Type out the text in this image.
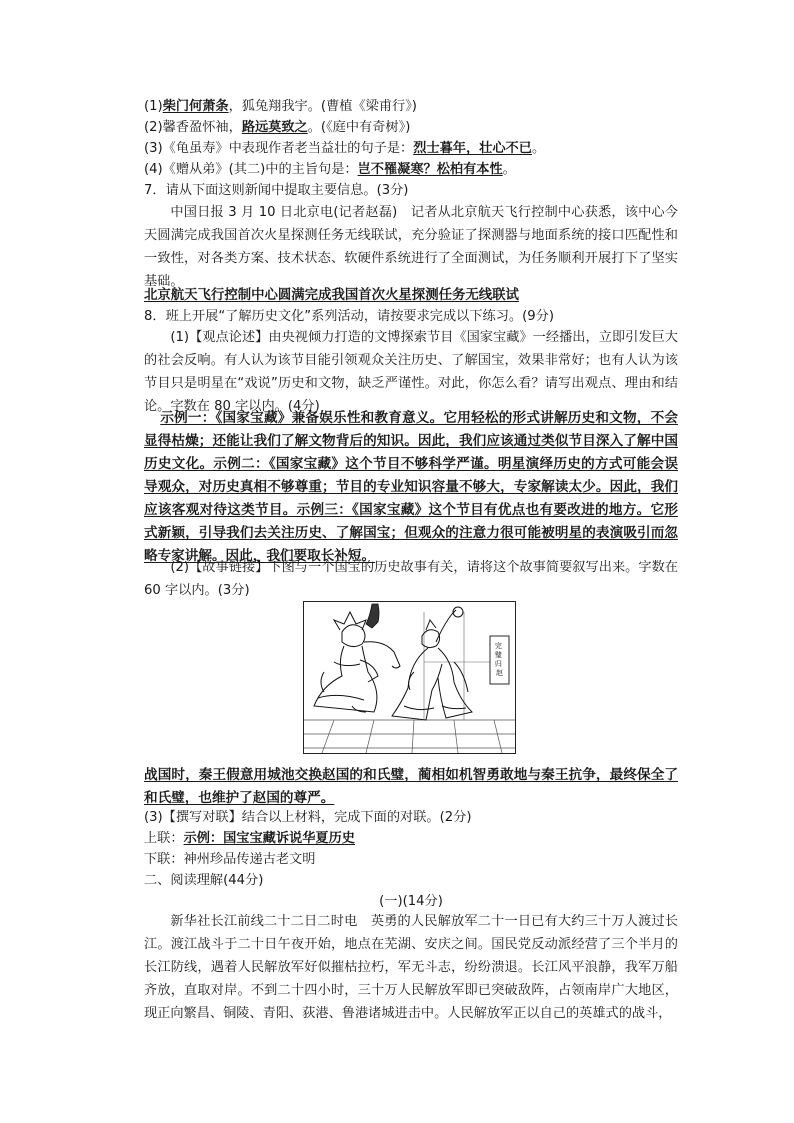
(1)柴门何萧条，狐兔翔我宇。(曹植《梁甫行》)
(2)馨香盈怀袖，路远莫致之。(《庭中有奇树》)
(3)《龟虽寿》中表现作者老当益壮的句子是：烈士暮年，壮心不已。
(4)《赠从弟》(其二)中的主旨句是：岂不罹凝寒？松柏有本性。
7．请从下面这则新闻中提取主要信息。(3分)
中国日报 3 月 10 日北京电(记者赵磊)　记者从北京航天飞行控制中心获悉，该中心今天圆满完成我国首次火星探测任务无线联试，充分验证了探测器与地面系统的接口匹配性和一致性，对各类方案、技术状态、软硬件系统进行了全面测试，为任务顺利开展打下了坚实基础。
北京航天飞行控制中心圆满完成我国首次火星探测任务无线联试
8．班上开展“了解历史文化”系列活动，请按要求完成以下练习。(9分)
(1)【观点论述】由央视倾力打造的文博探索节目《国家宝藏》一经播出，立即引发巨大的社会反响。有人认为该节目能引领观众关注历史、了解国宝，效果非常好；也有人认为该节目只是明星在“戏说”历史和文物，缺乏严谨性。对此，你怎么看？请写出观点、理由和结论。字数在 80 字以内。(4分)
示例一：《国家宝藏》兼备娱乐性和教育意义。它用轻松的形式讲解历史和文物，不会显得枯燥；还能让我们了解文物背后的知识。因此，我们应该通过类似节目深入了解中国历史文化。示例二：《国家宝藏》这个节目不够科学严谨。明星演绎历史的方式可能会误导观众，对历史真相不够尊重；节目的专业知识容量不够大，专家解读太少。因此，我们应该客观对待这类节目。示例三：《国家宝藏》这个节目有优点也有要改进的地方。它形式新颖，引导我们去关注历史、了解国宝；但观众的注意力很可能被明星的表演吸引而忽略专家讲解。因此，我们要取长补短。
(2)【故事链接】下图与一个国宝的历史故事有关，请将这个故事简要叙写出来。字数在 60 字以内。(3分)
完 璧 归 赵
战国时，秦王假意用城池交换赵国的和氏璧，蔺相如机智勇敢地与秦王抗争，最终保全了和氏璧，也维护了赵国的尊严。
(3)【撰写对联】结合以上材料，完成下面的对联。(2分)
上联：示例：国宝宝藏诉说华夏历史
下联：神州珍品传递古老文明
二、阅读理解(44分)
(一)(14分)
新华社长江前线二十二日二时电　英勇的人民解放军二十一日已有大约三十万人渡过长江。渡江战斗于二十日午夜开始，地点在芜湖、安庆之间。国民党反动派经营了三个半月的长江防线，遇着人民解放军好似摧枯拉朽，军无斗志，纷纷溃退。长江风平浪静，我军万船齐放，直取对岸。不到二十四小时，三十万人民解放军即已突破敌阵，占领南岸广大地区，现正向繁昌、铜陵、青阳、荻港、鲁港诸城进击中。人民解放军正以自己的英雄式的战斗，
